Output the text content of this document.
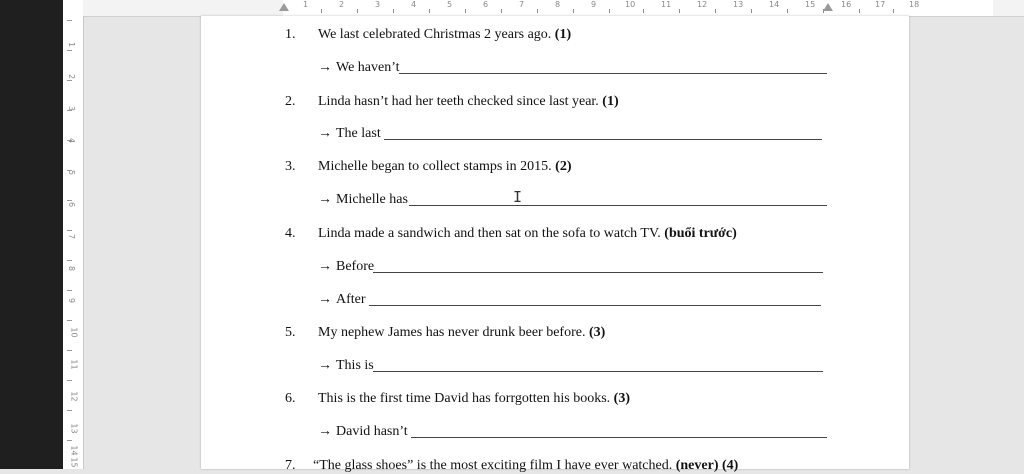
1
2
3
4
5
6
7
8
9
10
11
12
13
14
15
1	2	3	4	5	6	7	8	9	10	11	12	13	14	15	16	17	18
1. We last celebrated Christmas 2 years ago. (1)
→ We haven’t
2. Linda hasn’t had her teeth checked since last year. (1)
→ The last
3. Michelle began to collect stamps in 2015. (2)
→ Michelle has	I
4. Linda made a sandwich and then sat on the sofa to watch TV. (buổi trước)
→ Before
→ After
5. My nephew James has never drunk beer before. (3)
→ This is
6. This is the first time David has forrgotten his books. (3)
→ David hasn’t
7. “The glass shoes” is the most exciting film I have ever watched. (never) (4)
